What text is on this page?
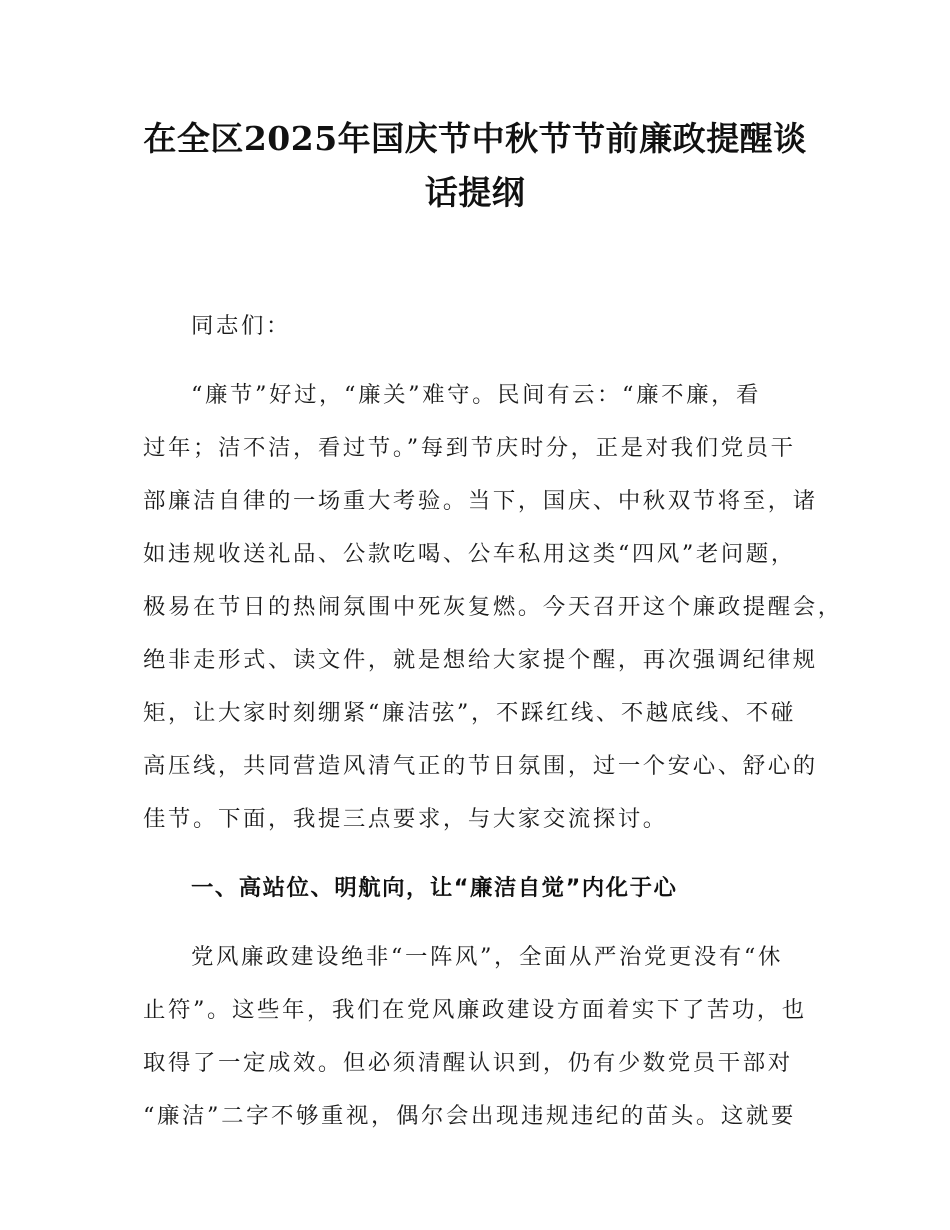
在全区2025年国庆节中秋节节前廉政提醒谈
话提纲
同志们：
“廉节”好过，“廉关”难守。民间有云：“廉不廉，看
过年；洁不洁，看过节。”每到节庆时分，正是对我们党员干
部廉洁自律的一场重大考验。当下，国庆、中秋双节将至，诸
如违规收送礼品、公款吃喝、公车私用这类“四风”老问题，
极易在节日的热闹氛围中死灰复燃。今天召开这个廉政提醒会，
绝非走形式、读文件，就是想给大家提个醒，再次强调纪律规
矩，让大家时刻绷紧“廉洁弦”，不踩红线、不越底线、不碰
高压线，共同营造风清气正的节日氛围，过一个安心、舒心的
佳节。下面，我提三点要求，与大家交流探讨。
一、高站位、明航向，让“廉洁自觉”内化于心
党风廉政建设绝非“一阵风”，全面从严治党更没有“休
止符”。这些年，我们在党风廉政建设方面着实下了苦功，也
取得了一定成效。但必须清醒认识到，仍有少数党员干部对
“廉洁”二字不够重视，偶尔会出现违规违纪的苗头。这就要
